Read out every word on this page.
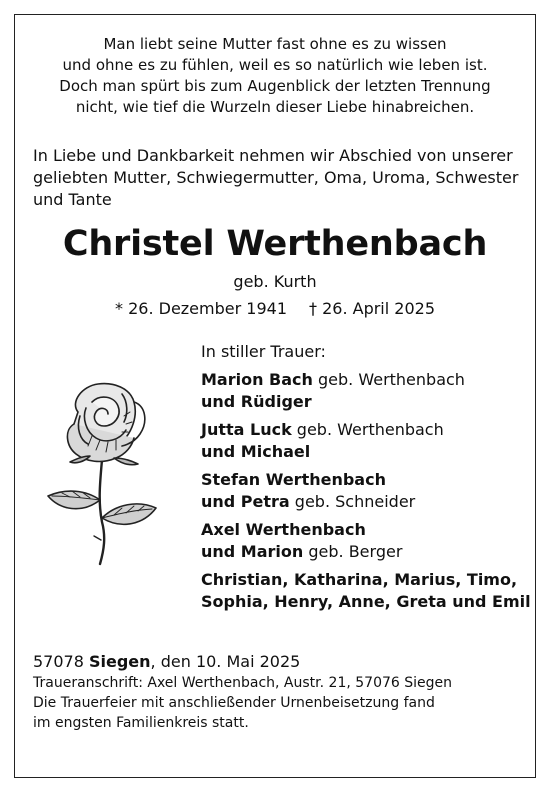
Man liebt seine Mutter fast ohne es zu wissen
und ohne es zu fühlen, weil es so natürlich wie leben ist.
Doch man spürt bis zum Augenblick der letzten Trennung
nicht, wie tief die Wurzeln dieser Liebe hinabreichen.
In Liebe und Dankbarkeit nehmen wir Abschied von unserer
geliebten Mutter, Schwiegermutter, Oma, Uroma, Schwester
und Tante
Christel Werthenbach
geb. Kurth
* 26. Dezember 1941 † 26. April 2025
In stiller Trauer:
Marion Bach geb. Werthenbach
und Rüdiger
Jutta Luck geb. Werthenbach
und Michael
Stefan Werthenbach
und Petra geb. Schneider
Axel Werthenbach
und Marion geb. Berger
Christian, Katharina, Marius, Timo,
Sophia, Henry, Anne, Greta und Emil
57078 Siegen, den 10. Mai 2025
Traueranschrift: Axel Werthenbach, Austr. 21, 57076 Siegen
Die Trauerfeier mit anschließender Urnenbeisetzung fand
im engsten Familienkreis statt.
